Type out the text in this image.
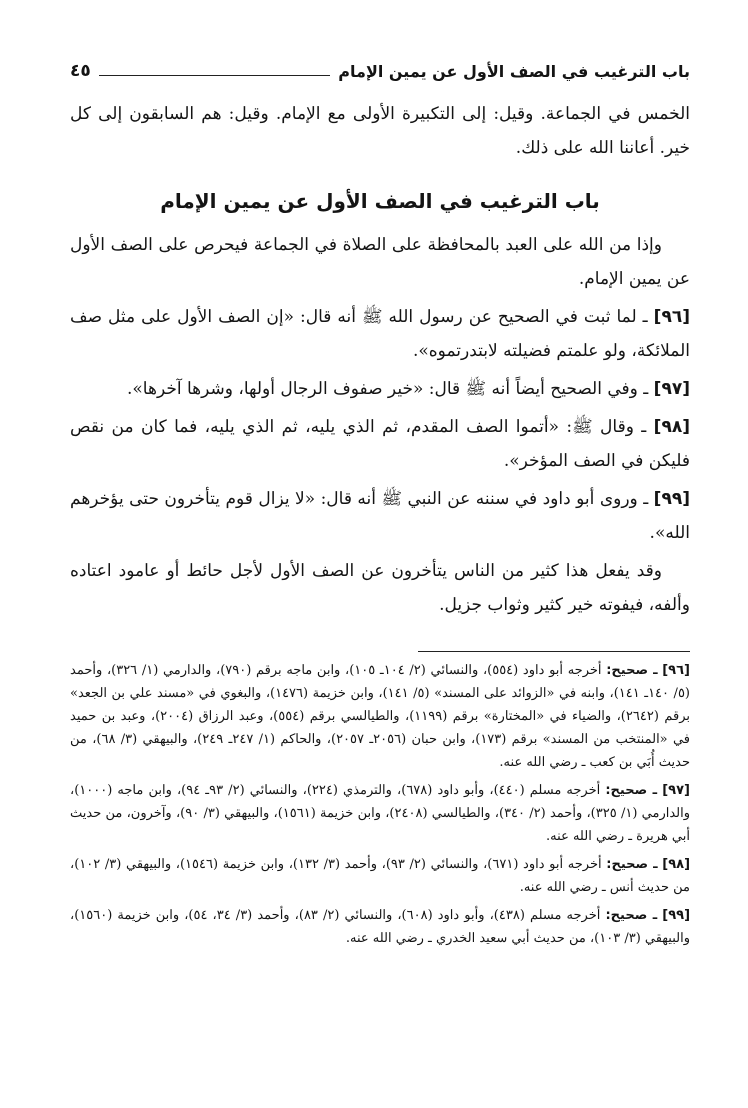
باب الترغيب في الصف الأول عن يمين الإمام
٤٥

الخمس في الجماعة. وقيل: إلى التكبيرة الأولى مع الإمام. وقيل: هم السابقون إلى كل خير. أعاننا الله على ذلك.

باب الترغيب في الصف الأول عن يمين الإمام

وإذا من الله على العبد بالمحافظة على الصلاة في الجماعة فيحرص على الصف الأول عن يمين الإمام.

[٩٦] ـ لما ثبت في الصحيح عن رسول الله ﷺ أنه قال: «إن الصف الأول على مثل صف الملائكة، ولو علمتم فضيلته لابتدرتموه».

[٩٧] ـ وفي الصحيح أيضاً أنه ﷺ قال: «خير صفوف الرجال أولها، وشرها آخرها».

[٩٨] ـ وقال ﷺ: «أتموا الصف المقدم، ثم الذي يليه، ثم الذي يليه، فما كان من نقص فليكن في الصف المؤخر».

[٩٩] ـ وروى أبو داود في سننه عن النبي ﷺ أنه قال: «لا يزال قوم يتأخرون حتى يؤخرهم الله».

وقد يفعل هذا كثير من الناس يتأخرون عن الصف الأول لأجل حائط أو عامود اعتاده وألفه، فيفوته خير كثير وثواب جزيل.

[٩٦] ـ صحيح: أخرجه أبو داود (٥٥٤)، والنسائي (٢/ ١٠٤ـ ١٠٥)، وابن ماجه برقم (٧٩٠)، والدارمي (١/ ٣٢٦)، وأحمد (٥/ ١٤٠ـ ١٤١)، وابنه في «الزوائد على المسند» (٥/ ١٤١)، وابن خزيمة (١٤٧٦)، والبغوي في «مسند علي بن الجعد» برقم (٢٦٤٢)، والضياء في «المختارة» برقم (١١٩٩)، والطيالسي برقم (٥٥٤)، وعبد الرزاق (٢٠٠٤)، وعبد بن حميد في «المنتخب من المسند» برقم (١٧٣)، وابن حبان (٢٠٥٦ـ ٢٠٥٧)، والحاكم (١/ ٢٤٧ـ ٢٤٩)، والبيهقي (٣/ ٦٨)، من حديث أُبَي بن كعب ـ رضي الله عنه.

[٩٧] ـ صحيح: أخرجه مسلم (٤٤٠)، وأبو داود (٦٧٨)، والترمذي (٢٢٤)، والنسائي (٢/ ٩٣ـ ٩٤)، وابن ماجه (١٠٠٠)، والدارمي (١/ ٣٢٥)، وأحمد (٢/ ٣٤٠)، والطيالسي (٢٤٠٨)، وابن خزيمة (١٥٦١)، والبيهقي (٣/ ٩٠)، وآخرون، من حديث أبي هريرة ـ رضي الله عنه.

[٩٨] ـ صحيح: أخرجه أبو داود (٦٧١)، والنسائي (٢/ ٩٣)، وأحمد (٣/ ١٣٢)، وابن خزيمة (١٥٤٦)، والبيهقي (٣/ ١٠٢)، من حديث أنس ـ رضي الله عنه.

[٩٩] ـ صحيح: أخرجه مسلم (٤٣٨)، وأبو داود (٦٠٨)، والنسائي (٢/ ٨٣)، وأحمد (٣/ ٣٤، ٥٤)، وابن خزيمة (١٥٦٠)، والبيهقي (٣/ ١٠٣)، من حديث أبي سعيد الخدري ـ رضي الله عنه.
